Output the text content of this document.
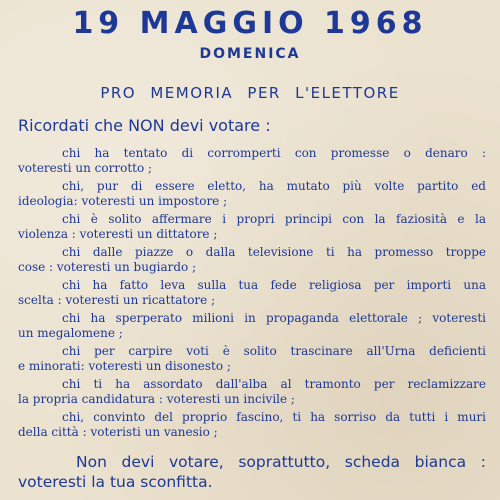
19 MAGGIO 1968
DOMENICA
PRO MEMORIA PER L'ELETTORE
Ricordati che NON devi votare :
chi ha tentato di corromperti con promesse o denaro :
voteresti un corrotto ;
chi, pur di essere eletto, ha mutato più volte partito ed
ideologia: voteresti un impostore ;
chi è solito affermare i propri principi con la faziosità e la
violenza : voteresti un dittatore ;
chi dalle piazze o dalla televisione ti ha promesso troppe
cose : voteresti un bugiardo ;
chi ha fatto leva sulla tua fede religiosa per importi una
scelta : voteresti un ricattatore ;
chi ha sperperato milioni in propaganda elettorale ; voteresti
un megalomene ;
chi per carpire voti è solito trascinare all'Urna deficienti
e minorati: voteresti un disonesto ;
chi ti ha assordato dall'alba al tramonto per reclamizzare
la propria candidatura : voteresti un incivile ;
chi, convinto del proprio fascino, ti ha sorriso da tutti i muri
della città : voteristi un vanesio ;
Non devi votare, soprattutto, scheda bianca :
voteresti la tua sconfitta.
